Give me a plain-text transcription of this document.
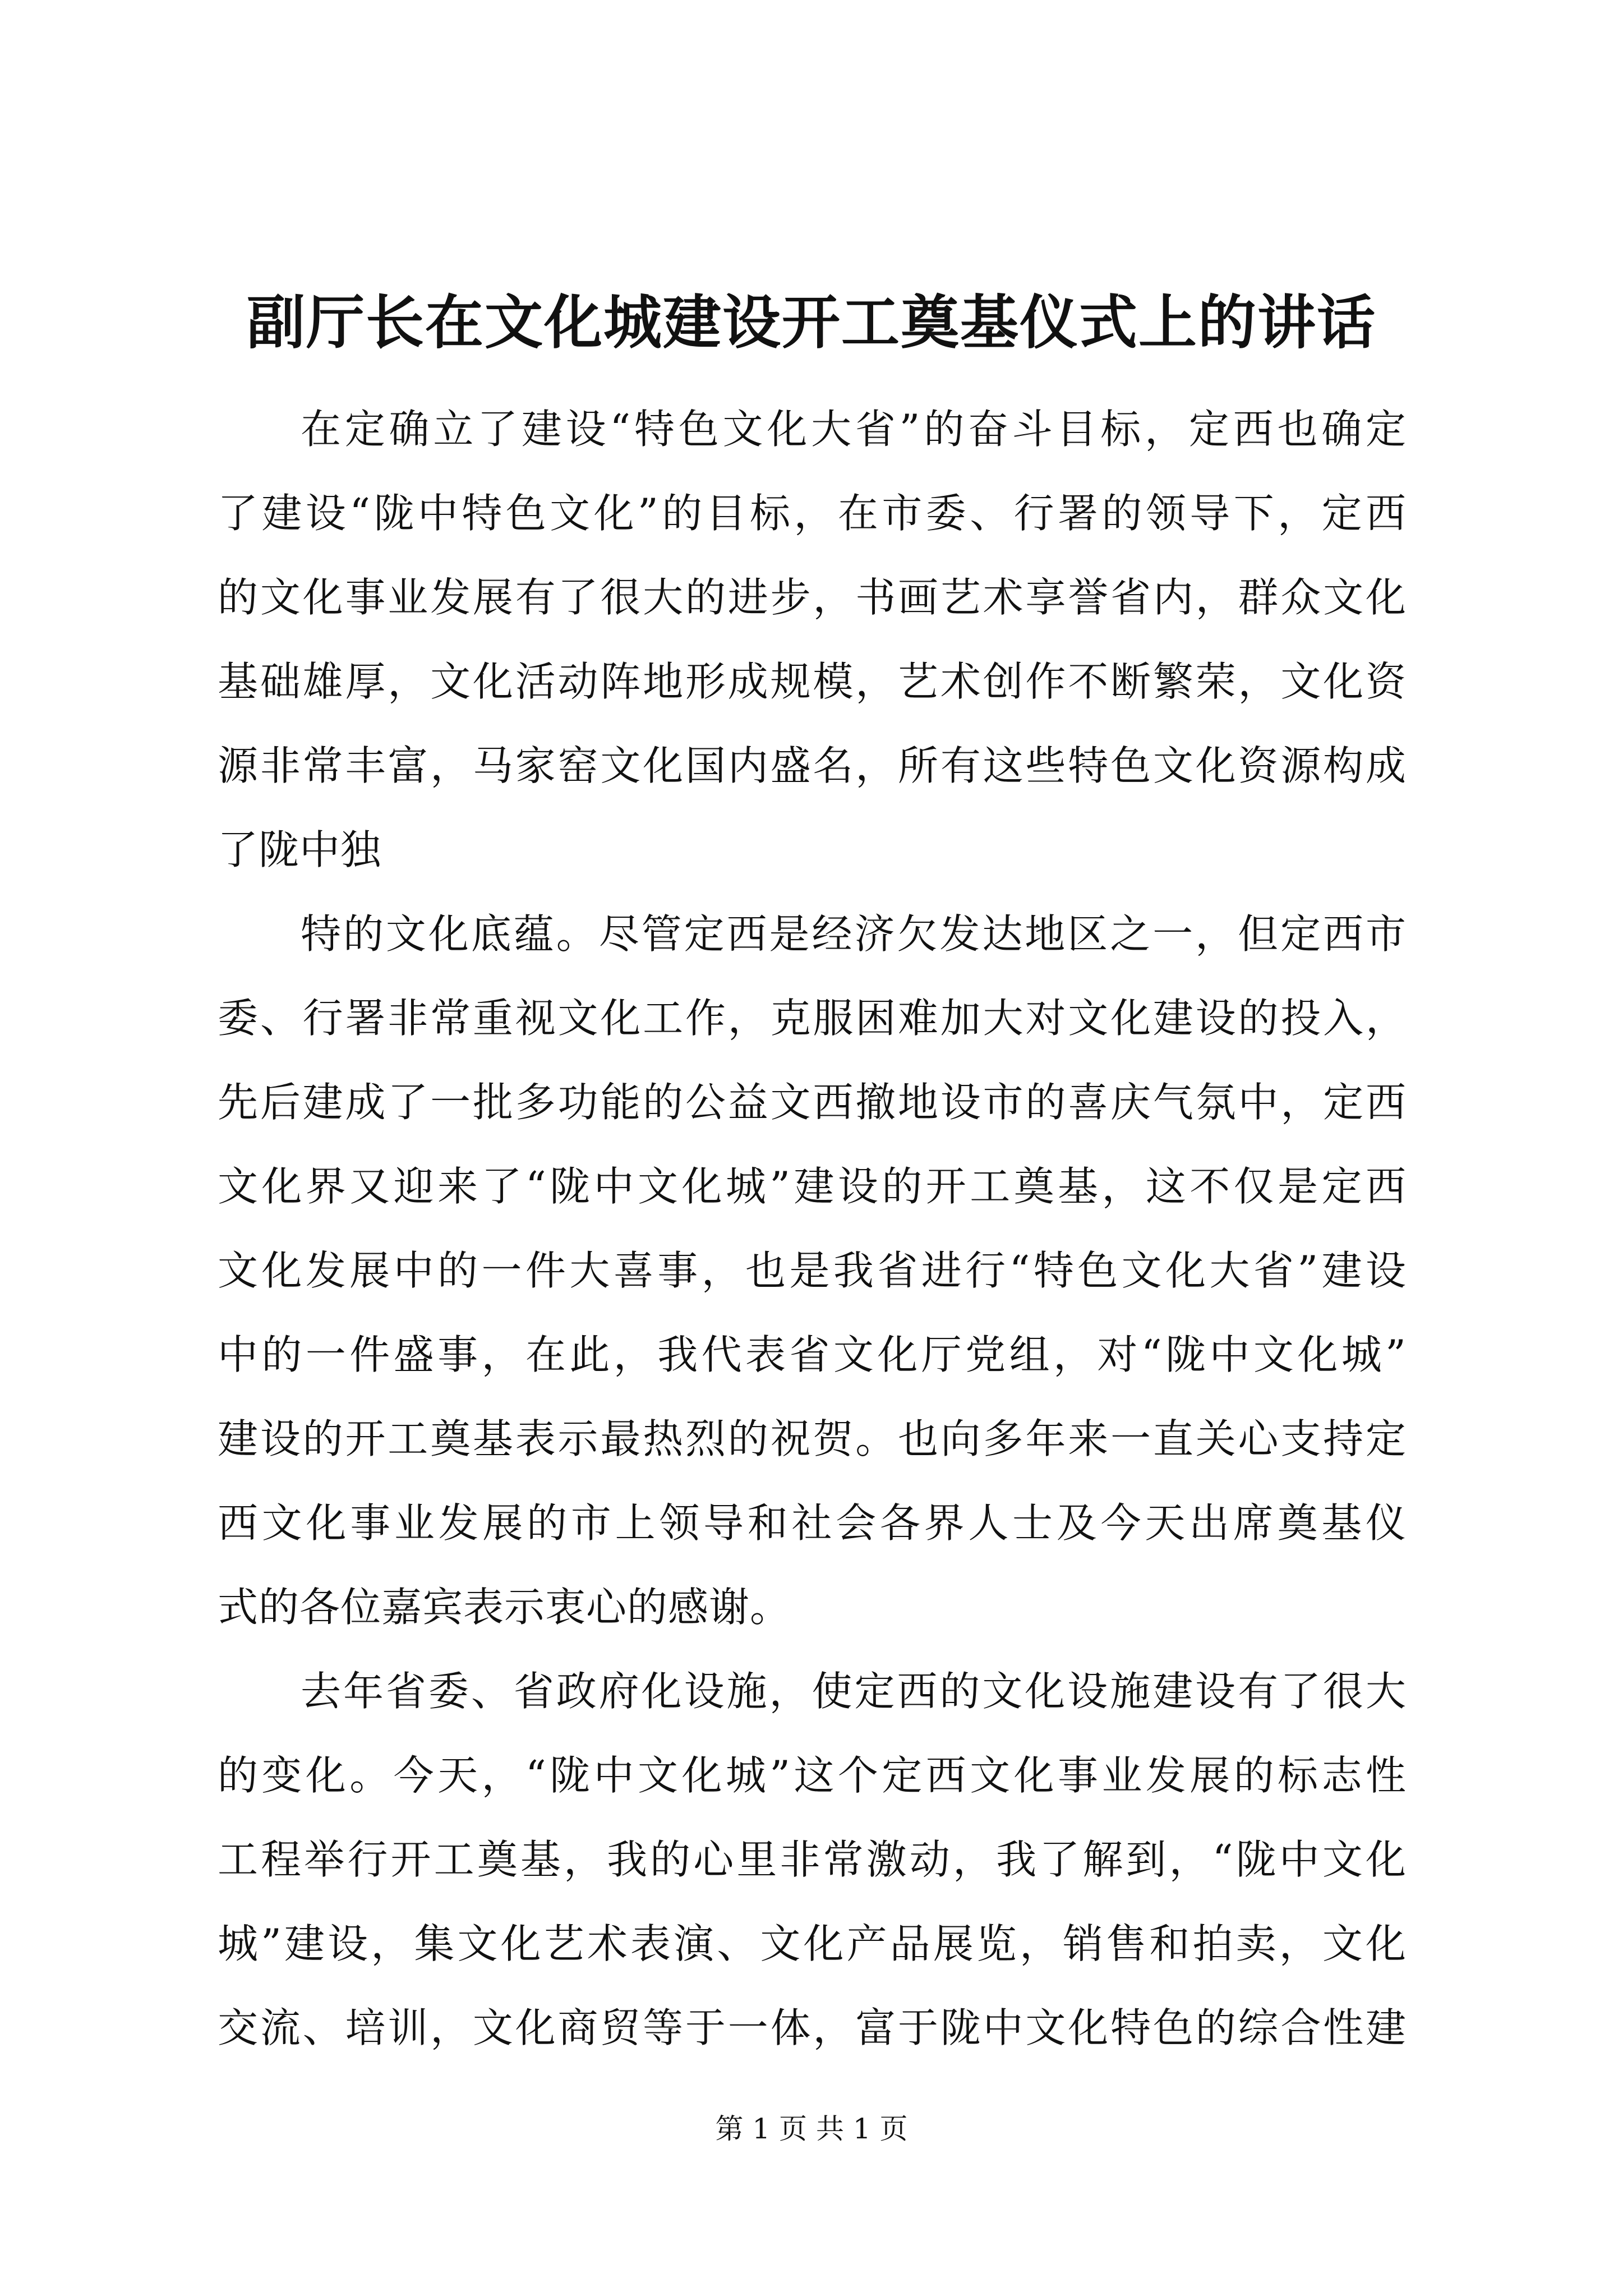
副厅长在文化城建设开工奠基仪式上的讲话
在定确立了建设“特色文化大省”的奋斗目标，定西也确定
了建设“陇中特色文化”的目标，在市委、行署的领导下，定西
的文化事业发展有了很大的进步，书画艺术享誉省内，群众文化
基础雄厚，文化活动阵地形成规模，艺术创作不断繁荣，文化资
源非常丰富，马家窑文化国内盛名，所有这些特色文化资源构成
了陇中独
特的文化底蕴。尽管定西是经济欠发达地区之一，但定西市
委、行署非常重视文化工作，克服困难加大对文化建设的投入，
先后建成了一批多功能的公益文西撤地设市的喜庆气氛中，定西
文化界又迎来了“陇中文化城”建设的开工奠基，这不仅是定西
文化发展中的一件大喜事，也是我省进行“特色文化大省”建设
中的一件盛事，在此，我代表省文化厅党组，对“陇中文化城”
建设的开工奠基表示最热烈的祝贺。也向多年来一直关心支持定
西文化事业发展的市上领导和社会各界人士及今天出席奠基仪
式的各位嘉宾表示衷心的感谢。
去年省委、省政府化设施，使定西的文化设施建设有了很大
的变化。今天，“陇中文化城”这个定西文化事业发展的标志性
工程举行开工奠基，我的心里非常激动，我了解到，“陇中文化
城”建设，集文化艺术表演、文化产品展览，销售和拍卖，文化
交流、培训，文化商贸等于一体，富于陇中文化特色的综合性建
第 1 页 共 1 页
